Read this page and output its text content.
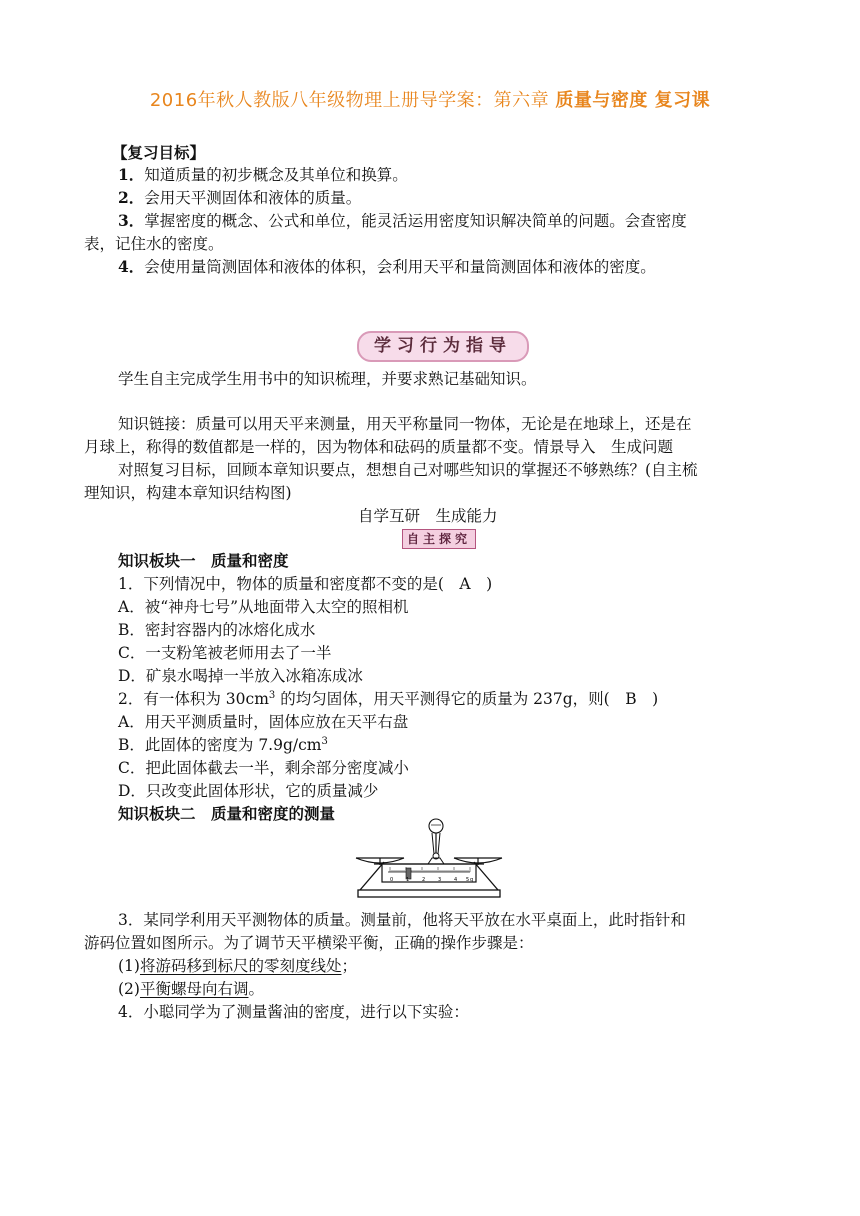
2016年秋人教版八年级物理上册导学案：第六章 质量与密度 复习课
【复习目标】
1．知道质量的初步概念及其单位和换算。
2．会用天平测固体和液体的质量。
3．掌握密度的概念、公式和单位，能灵活运用密度知识解决简单的问题。会查密度
表，记住水的密度。
4．会使用量筒测固体和液体的体积，会利用天平和量筒测固体和液体的密度。
学习行为指导
学生自主完成学生用书中的知识梳理，并要求熟记基础知识。
知识链接：质量可以用天平来测量，用天平称量同一物体，无论是在地球上，还是在
月球上，称得的数值都是一样的，因为物体和砝码的质量都不变。情景导入　生成问题
对照复习目标，回顾本章知识要点，想想自己对哪些知识的掌握还不够熟练？(自主梳
理知识，构建本章知识结构图)
自学互研　生成能力
自主探究
知识板块一　质量和密度
1．下列情况中，物体的质量和密度都不变的是(　A　)
A．被“神舟七号”从地面带入太空的照相机
B．密封容器内的冰熔化成水
C．一支粉笔被老师用去了一半
D．矿泉水喝掉一半放入冰箱冻成冰
2．有一体积为 $30cm^3$ 的均匀固体，用天平测得它的质量为 237g，则(　B　)
A．用天平测质量时，固体应放在天平右盘
B．此固体的密度为 $7.9g/cm^3$
C．把此固体截去一半，剩余部分密度减小
D．只改变此固体形状，它的质量减少
知识板块二　质量和密度的测量
0	1	2	3	4 5 g
3．某同学利用天平测物体的质量。测量前，他将天平放在水平桌面上，此时指针和
游码位置如图所示。为了调节天平横梁平衡，正确的操作步骤是：
(1)将游码移到标尺的零刻度线处；
(2)平衡螺母向右调。
4．小聪同学为了测量酱油的密度，进行以下实验：
